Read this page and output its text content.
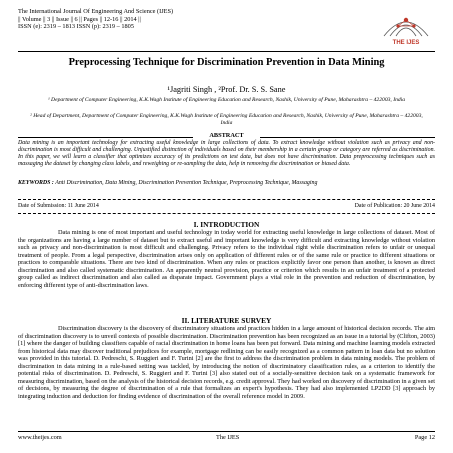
The International Journal Of Engineering And Science (IJES)
|| Volume || 3 || Issue || 6 || Pages || 12-16 || 2014 ||
ISSN (e): 2319 – 1813 ISSN (p): 2319 – 1805
THE IJES
Preprocessing Technique for Discrimination Prevention in Data Mining
¹Jagriti Singh , ²Prof. Dr. S. S. Sane
¹ Department of Computer Engineering, K.K.Wagh Institute of Engineering Education and Research, Nashik, University of Pune, Maharashtra – 422003, India
² Head of Department, Department of Computer Engineering, K.K.Wagh Institute of Engineering Education and Research, Nashik, University of Pune, Maharashtra – 422003, India
ABSTRACT
Data mining is an important technology for extracting useful knowledge in large collections of data. To extract knowledge without violation such as privacy and non-discrimination is most difficult and challenging. Unjustified distinction of individuals based on their membership in a certain group or category are referred as discrimination. In this paper, we will learn a classifier that optimizes accuracy of its predictions on test data, but does not have discrimination. Data preprocessing techniques such as massaging the dataset by changing class labels, and reweighing or re-sampling the data, help in removing the discrimination or biased data.
KEYWORDS : Anti Discrimination, Data Mining, Discrimination Prevention Technique, Preprocessing Technique, Massaging
Date of Submission: 11 June 2014	Date of Publication: 20 June 2014
I. INTRODUCTION
Data mining is one of most important and useful technology in today world for extracting useful knowledge in large collections of dataset. Most of the organizations are having a large number of dataset but to extract useful and important knowledge is very difficult and extracting knowledge without violation such as privacy and non-discrimination is most difficult and challenging. Privacy refers to the individual right while discrimination refers to unfair or unequal treatment of people. From a legal perspective, discrimination arises only on application of different rules or of the same rule or practice to different situations or practices to comparable situations. There are two kind of discrimination. When any rules or practices explicitly favor one person than another, is known as direct discrimination and also called systematic discrimination. An apparently neutral provision, practice or criterion which results in an unfair treatment of a protected group called as indirect discrimination and also called as disparate impact. Government plays a vital role in the prevention and reduction of discrimination, by enforcing different type of anti-discrimination laws.
II. LITERATURE SURVEY
Discrimination discovery is the discovery of discriminatory situations and practices hidden in a large amount of historical decision records. The aim of discrimination discovery is to unveil contexts of possible discrimination. Discrimination prevention has been recognized as an issue in a tutorial by (Clifton, 2003) [1] where the danger of building classifiers capable of racial discrimination in home loans has been put forward. Data mining and machine learning models extracted from historical data may discover traditional prejudices for example, mortgage redlining can be easily recognized as a common pattern in loan data but no solution was provided in this tutorial. D. Pedreschi, S. Ruggieri and F. Turini [2] are the first to address the discrimination problem in data mining models. The problem of discrimination in data mining in a rule-based setting was tackled, by introducing the notion of discriminatory classification rules, as a criterion to identify the potential risks of discrimination. D. Pedreschi, S. Ruggieri and F. Turini [3] also stated out of a socially-sensitive decision task on a systematic framework for measuring discrimination, based on the analysis of the historical decision records, e.g. credit approval. They had worked on discovery of discrimination in a given set of decisions, by measuring the degree of discrimination of a rule that formalizes an expert's hypothesis. They had also implemented LP2DD [3] approach by integrating induction and deduction for finding evidence of discrimination of the overall reference model in 2009.
www.theijes.com	The IJES	Page 12
